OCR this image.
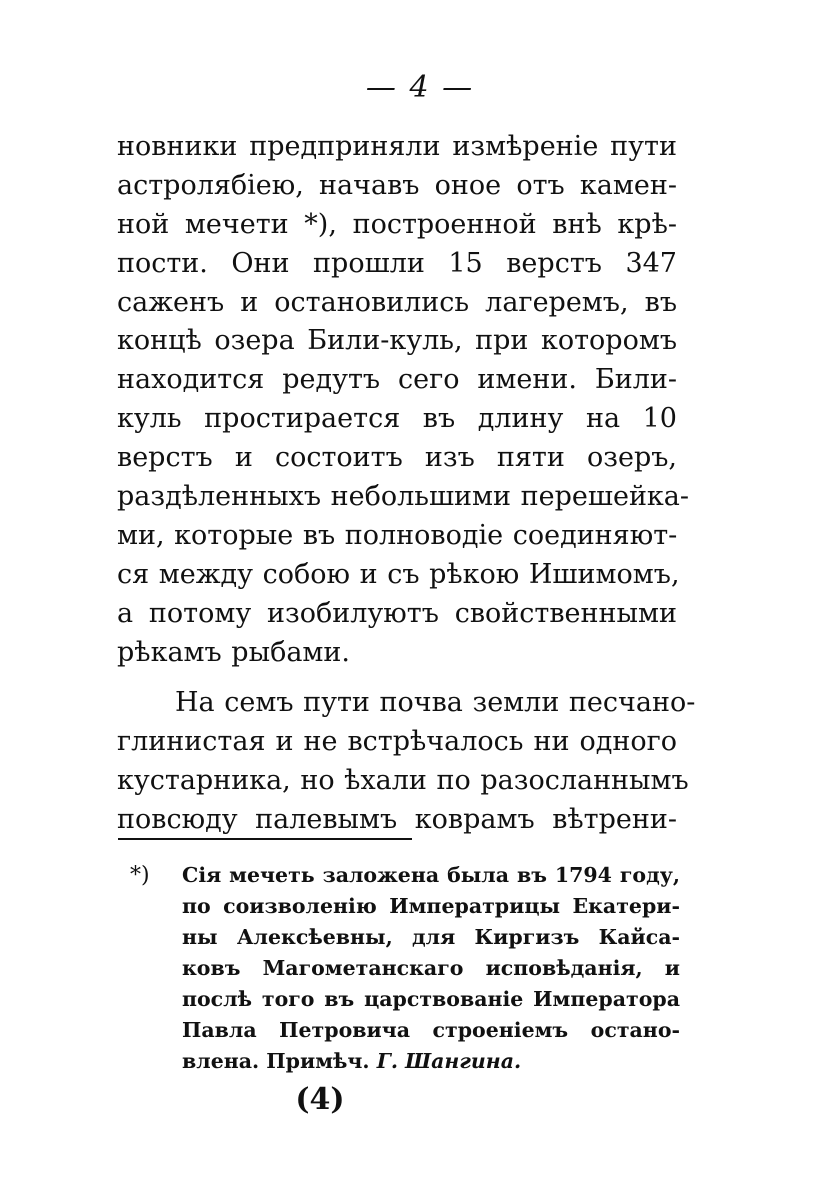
— 4 —
новники предприняли измѣреніе пути
астролябіею, начавъ оное отъ камен-
ной мечети *), построенной внѣ крѣ-
пости. Они прошли 15 верстъ 347
саженъ и остановились лагеремъ, въ
концѣ озера Били-куль, при которомъ
находится редутъ сего имени. Били-
куль простирается въ длину на 10
верстъ и состоитъ изъ пяти озеръ,
раздѣленныхъ небольшими перешейка-
ми, которые въ полноводіе соединяют-
ся между собою и съ рѣкою Ишимомъ,
а потому изобилуютъ свойственными
рѣкамъ рыбами.
На семъ пути почва земли песчано-
глинистая и не встрѣчалось ни одного
кустарника, но ѣхали по разосланнымъ
повсюду палевымъ коврамъ вѣтрени-
*) Сія мечеть заложена была въ 1794 году,
по соизволенію Императрицы Екатери-
ны Алексѣевны, для Киргизъ Кайса-
ковъ Магометанскаго исповѣданія, и
послѣ того въ царствованіе Императора
Павла Петровича строеніемъ остано-
влена. Примѣч. Г. Шангина.
(4)
